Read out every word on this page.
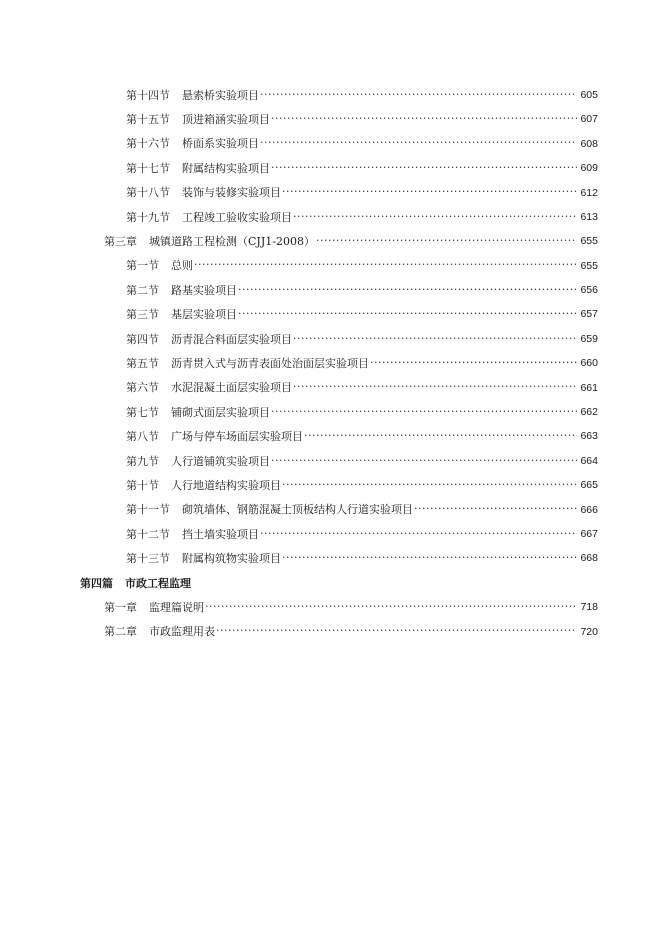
第十四节 悬索桥实验项目 ·····	605
第十五节 顶进箱涵实验项目 ·····	607
第十六节 桥面系实验项目 ·····	608
第十七节 附属结构实验项目 ·····	609
第十八节 装饰与装修实验项目 ·····	612
第十九节 工程竣工验收实验项目 ·····	613
第三章 城镇道路工程检测（CJJ1-2008） ·····	655
第一节 总则 ·····	655
第二节 路基实验项目 ·····	656
第三节 基层实验项目 ·····	657
第四节 沥青混合料面层实验项目 ·····	659
第五节 沥青贯入式与沥青表面处治面层实验项目 ·····	660
第六节 水泥混凝土面层实验项目 ·····	661
第七节 铺砌式面层实验项目 ·····	662
第八节 广场与停车场面层实验项目 ·····	663
第九节 人行道铺筑实验项目 ·····	664
第十节 人行地道结构实验项目 ·····	665
第十一节 砌筑墙体、钢筋混凝土顶板结构人行道实验项目 ·····	666
第十二节 挡土墙实验项目 ·····	667
第十三节 附属构筑物实验项目 ·····	668
第四篇 市政工程监理
第一章 监理篇说明 ·····	718
第二章 市政监理用表 ·····	720
